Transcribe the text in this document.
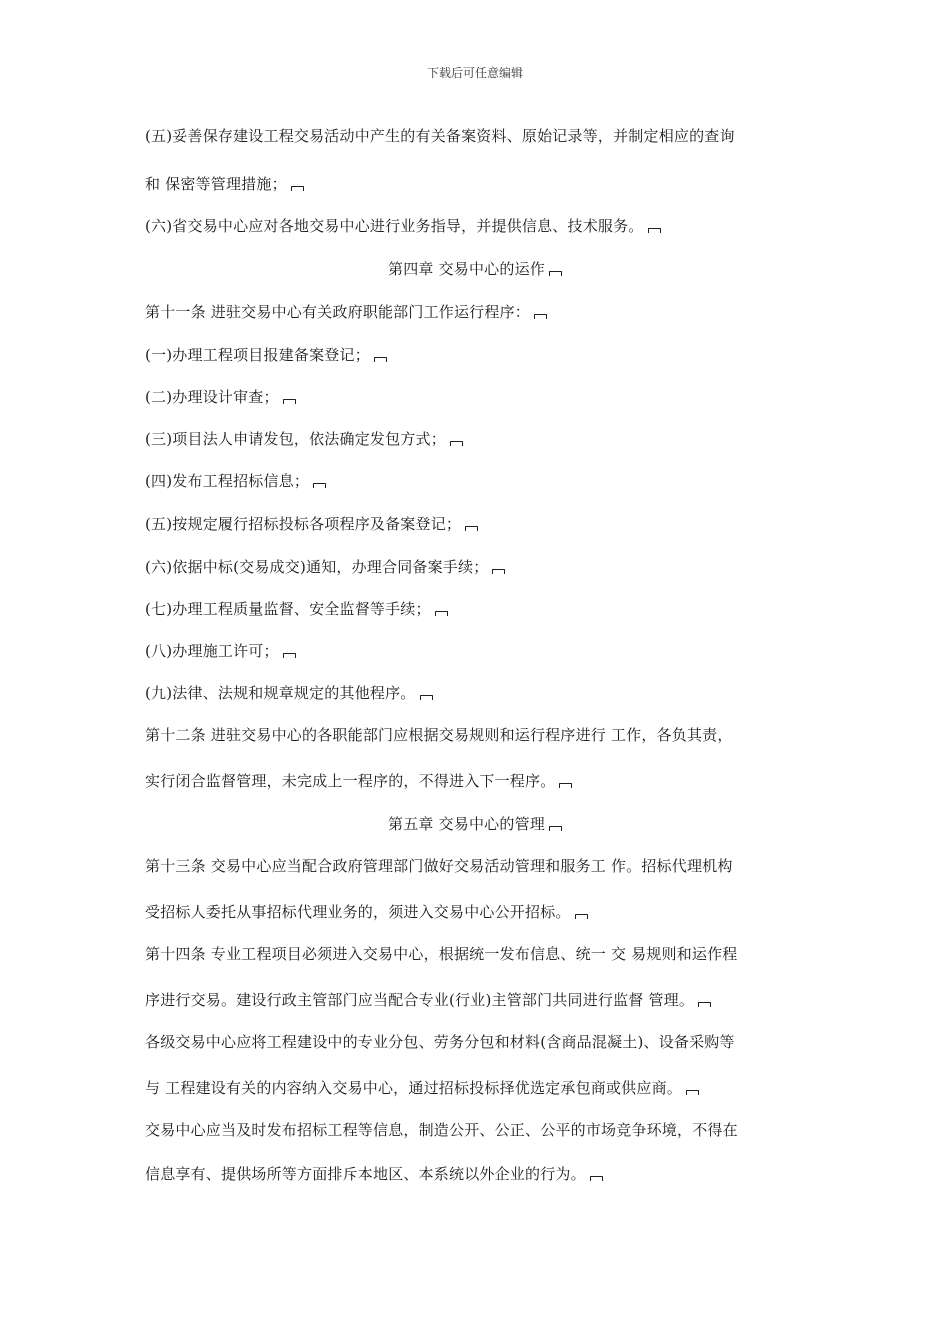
下载后可任意编辑
(五)妥善保存建设工程交易活动中产生的有关备案资料、原始记录等，并制定相应的查询
和 保密等管理措施；
(六)省交易中心应对各地交易中心进行业务指导，并提供信息、技术服务。
第四章 交易中心的运作
第十一条 进驻交易中心有关政府职能部门工作运行程序：
(一)办理工程项目报建备案登记；
(二)办理设计审查；
(三)项目法人申请发包，依法确定发包方式；
(四)发布工程招标信息；
(五)按规定履行招标投标各项程序及备案登记；
(六)依据中标(交易成交)通知，办理合同备案手续；
(七)办理工程质量监督、安全监督等手续；
(八)办理施工许可；
(九)法律、法规和规章规定的其他程序。
第十二条 进驻交易中心的各职能部门应根据交易规则和运行程序进行 工作，各负其责，
实行闭合监督管理，未完成上一程序的，不得进入下一程序。
第五章 交易中心的管理
第十三条 交易中心应当配合政府管理部门做好交易活动管理和服务工 作。招标代理机构
受招标人委托从事招标代理业务的，须进入交易中心公开招标。
第十四条 专业工程项目必须进入交易中心，根据统一发布信息、统一 交 易规则和运作程
序进行交易。建设行政主管部门应当配合专业(行业)主管部门共同进行监督 管理。
各级交易中心应将工程建设中的专业分包、劳务分包和材料(含商品混凝土)、设备采购等
与 工程建设有关的内容纳入交易中心，通过招标投标择优选定承包商或供应商。
交易中心应当及时发布招标工程等信息，制造公开、公正、公平的市场竞争环境，不得在
信息享有、提供场所等方面排斥本地区、本系统以外企业的行为。
